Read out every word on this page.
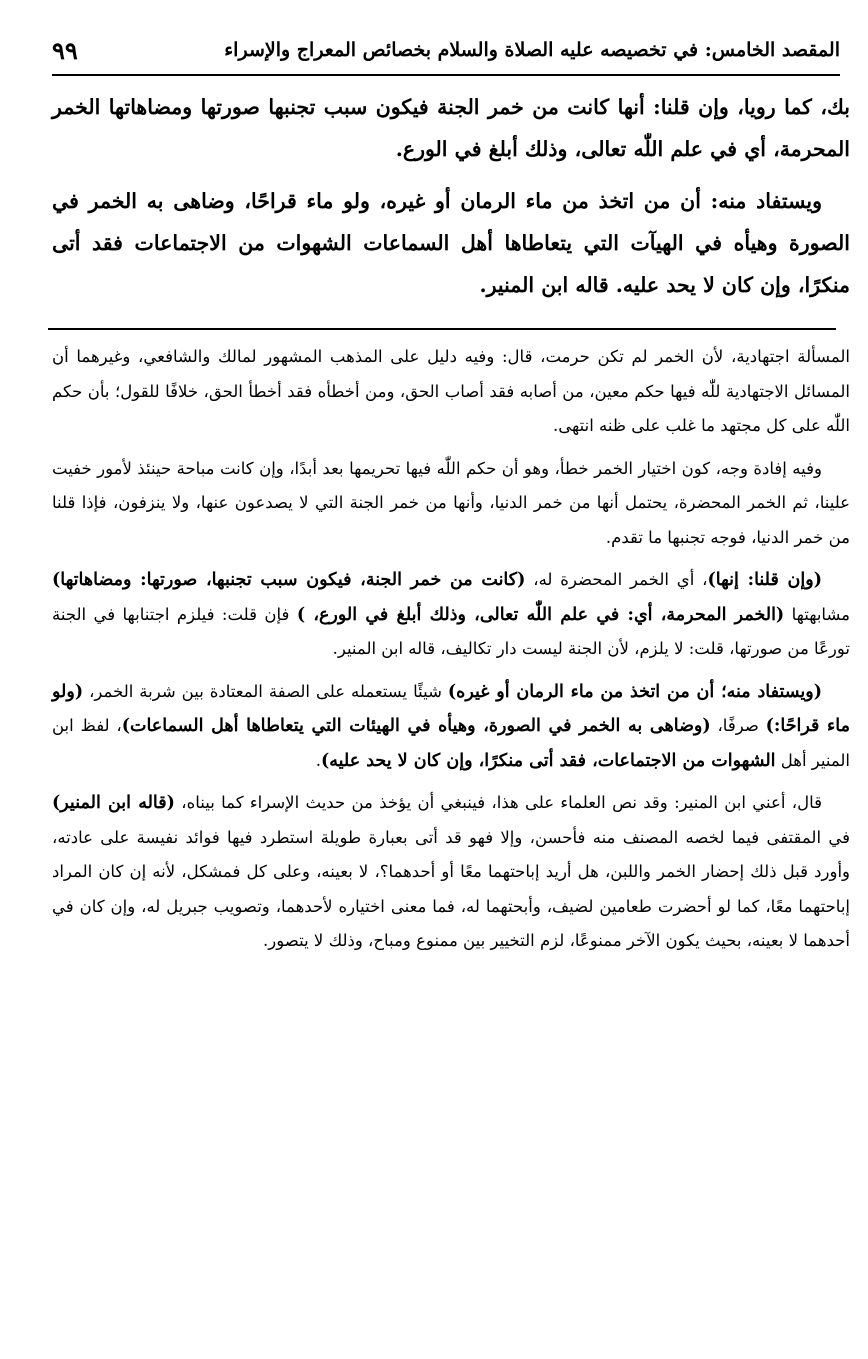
المقصد الخامس: في تخصيصه عليه الصلاة والسلام بخصائص المعراج والإسراء
٩٩

بك، كما رويا، وإن قلنا: أنها كانت من خمر الجنة فيكون سبب تجنبها صورتها ومضاهاتها الخمر المحرمة، أي في علم اللّٰه تعالى، وذلك أبلغ في الورع.

ويستفاد منه: أن من اتخذ من ماء الرمان أو غيره، ولو ماء قراحًا، وضاهى به الخمر في الصورة وهيأه في الهيآت التي يتعاطاها أهل السماعات الشهوات من الاجتماعات فقد أتى منكرًا، وإن كان لا يحد عليه. قاله ابن المنير.

المسألة اجتهادية، لأن الخمر لم تكن حرمت، قال: وفيه دليل على المذهب المشهور لمالك والشافعي، وغيرهما أن المسائل الاجتهادية للّٰه فيها حكم معين، من أصابه فقد أصاب الحق، ومن أخطأه فقد أخطأ الحق، خلافًا للقول؛ بأن حكم اللّٰه على كل مجتهد ما غلب على ظنه انتهى.

وفيه إفادة وجه، كون اختيار الخمر خطأ، وهو أن حكم اللّٰه فيها تحريمها بعد أبدًا، وإن كانت مباحة حينئذ لأمور خفيت علينا، ثم الخمر المحضرة، يحتمل أنها من خمر الدنيا، وأنها من خمر الجنة التي لا يصدعون عنها، ولا ينزفون، فإذا قلنا من خمر الدنيا، فوجه تجنبها ما تقدم.

(وإن قلنا: إنها)، أي الخمر المحضرة له، (كانت من خمر الجنة، فيكون سبب تجنبها، صورتها: ومضاهاتها) مشابهتها (الخمر المحرمة، أي: في علم اللّٰه تعالى، وذلك أبلغ في الورع، ) فإن قلت: فيلزم اجتنابها في الجنة تورعًا من صورتها، قلت: لا يلزم، لأن الجنة ليست دار تكاليف، قاله ابن المنير.

(ويستفاد منه؛ أن من اتخذ من ماء الرمان أو غيره) شيئًا يستعمله على الصفة المعتادة بين شربة الخمر، (ولو ماء قراحًا:) صرفًا، (وضاهى به الخمر في الصورة، وهيأه في الهيئات التي يتعاطاها أهل السماعات)، لفظ ابن المنير أهل الشهوات من الاجتماعات، فقد أتى منكرًا، وإن كان لا يحد عليه).

قال، أعني ابن المنير: وقد نص العلماء على هذا، فينبغي أن يؤخذ من حديث الإسراء كما بيناه، (قاله ابن المنير) في المقتفى فيما لخصه المصنف منه فأحسن، وإلا فهو قد أتى بعبارة طويلة استطرد فيها فوائد نفيسة على عادته، وأورد قبل ذلك إحضار الخمر واللبن، هل أريد إباحتهما معًا أو أحدهما؟، لا بعينه، وعلى كل فمشكل، لأنه إن كان المراد إباحتهما معًا، كما لو أحضرت طعامين لضيف، وأبحتهما له، فما معنى اختياره لأحدهما، وتصويب جبريل له، وإن كان في أحدهما لا بعينه، بحيث يكون الآخر ممنوعًا، لزم التخيير بين ممنوع ومباح، وذلك لا يتصور.
